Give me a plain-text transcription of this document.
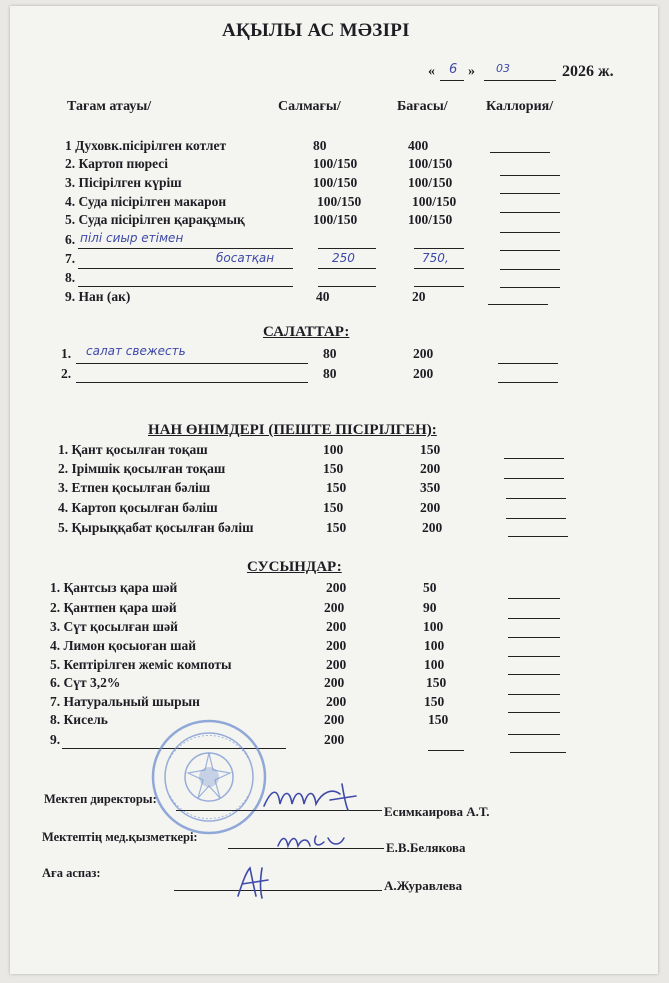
АҚЫЛЫ АС МӘЗІРІ
« 6 » 03	2026 ж.
Тағам атауы/	Салмағы/	Бағасы/	Каллория/
1 Духовк.пісірілген котлет	80	400
2. Картоп пюресі	100/150	100/150
3. Пісірілген күріш	100/150	100/150
4. Суда пісірілген макарон	100/150	100/150
5. Суда пісірілген қарақұмық	100/150	100/150
6. пілі сиыр етімен
7.	босатқан	250	750,
8.
9. Нан (ак)	40	20
САЛАТТАР:
1. салат свежесть	80	200
2.	80	200
НАН ӨНІМДЕРІ (ПЕШТЕ ПІСІРІЛГЕН):
1. Қант қосылған тоқаш	100	150
2. Ірімшік қосылған тоқаш	150	200
3. Етпен қосылған бәліш	150	350
4. Картоп қосылған бәліш	150	200
5. Қырыққабат қосылған бәліш	150	200
СУСЫНДАР:
1. Қантсыз қара шәй	200	50
2. Қантпен қара шәй	200	90
3. Сүт қосылған шәй	200	100
4. Лимон қосыоған шай	200	100
5. Кептірілген жеміс компоты	200	100
6. Сүт 3,2%	200	150
7. Натуральный шырын	200	150
8. Кисель	200	150
9.	200
Мектеп директоры:
Есимкаирова А.Т.
Мектептің мед.қызметкері:
Е.В.Белякова
Аға аспаз:
А.Журавлева
